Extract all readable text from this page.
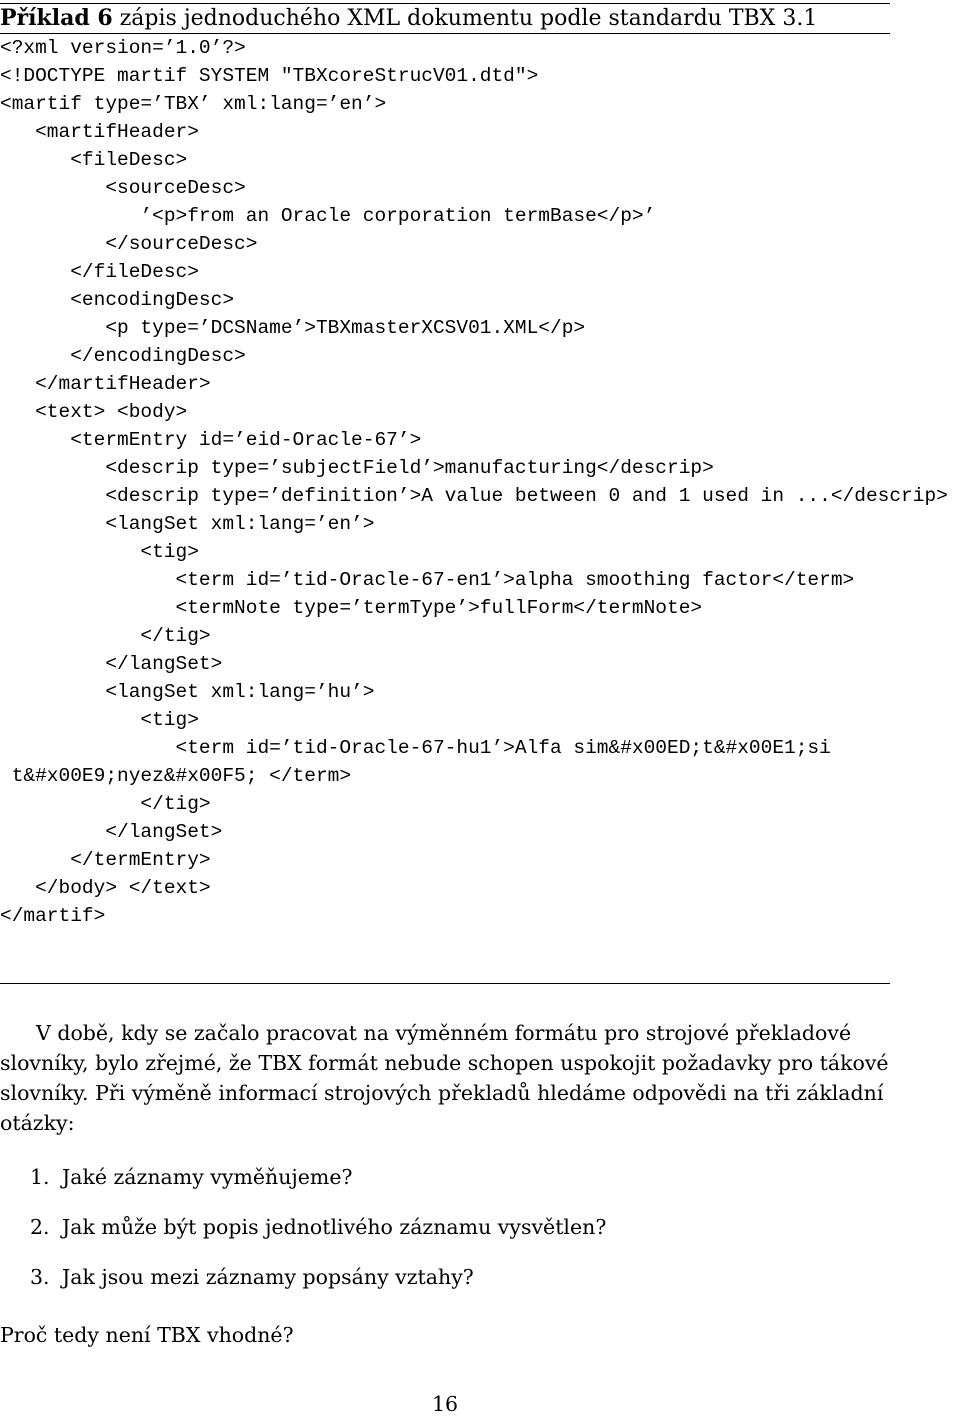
Příklad 6 zápis jednoduchého XML dokumentu podle standardu TBX 3.1
<?xml version=’1.0’?>
<!DOCTYPE martif SYSTEM "TBXcoreStrucV01.dtd">
<martif type=’TBX’ xml:lang=’en’>
<martifHeader>
<fileDesc>
<sourceDesc>
’<p>from an Oracle corporation termBase</p>’
</sourceDesc>
</fileDesc>
<encodingDesc>
<p type=’DCSName’>TBXmasterXCSV01.XML</p>
</encodingDesc>
</martifHeader>
<text> <body>
<termEntry id=’eid-Oracle-67’>
<descrip type=’subjectField’>manufacturing</descrip>
<descrip type=’definition’>A value between 0 and 1 used in ...</descrip>
<langSet xml:lang=’en’>
<tig>
<term id=’tid-Oracle-67-en1’>alpha smoothing factor</term>
<termNote type=’termType’>fullForm</termNote>
</tig>
</langSet>
<langSet xml:lang=’hu’>
<tig>
<term id=’tid-Oracle-67-hu1’>Alfa sim&#x00ED;t&#x00E1;si
t&#x00E9;nyez&#x00F5; </term>
</tig>
</langSet>
</termEntry>
</body> </text>
</martif>

V době, kdy se začalo pracovat na výměnném formátu pro strojové překladové slovníky, bylo zřejmé, že TBX formát nebude schopen uspokojit požadavky pro tákové slovníky. Při výměně informací strojových překladů hledáme odpovědi na tři základní otázky:

1. Jaké záznamy vyměňujeme?
2. Jak může být popis jednotlivého záznamu vysvětlen?
3. Jak jsou mezi záznamy popsány vztahy?
Proč tedy není TBX vhodné?
16
